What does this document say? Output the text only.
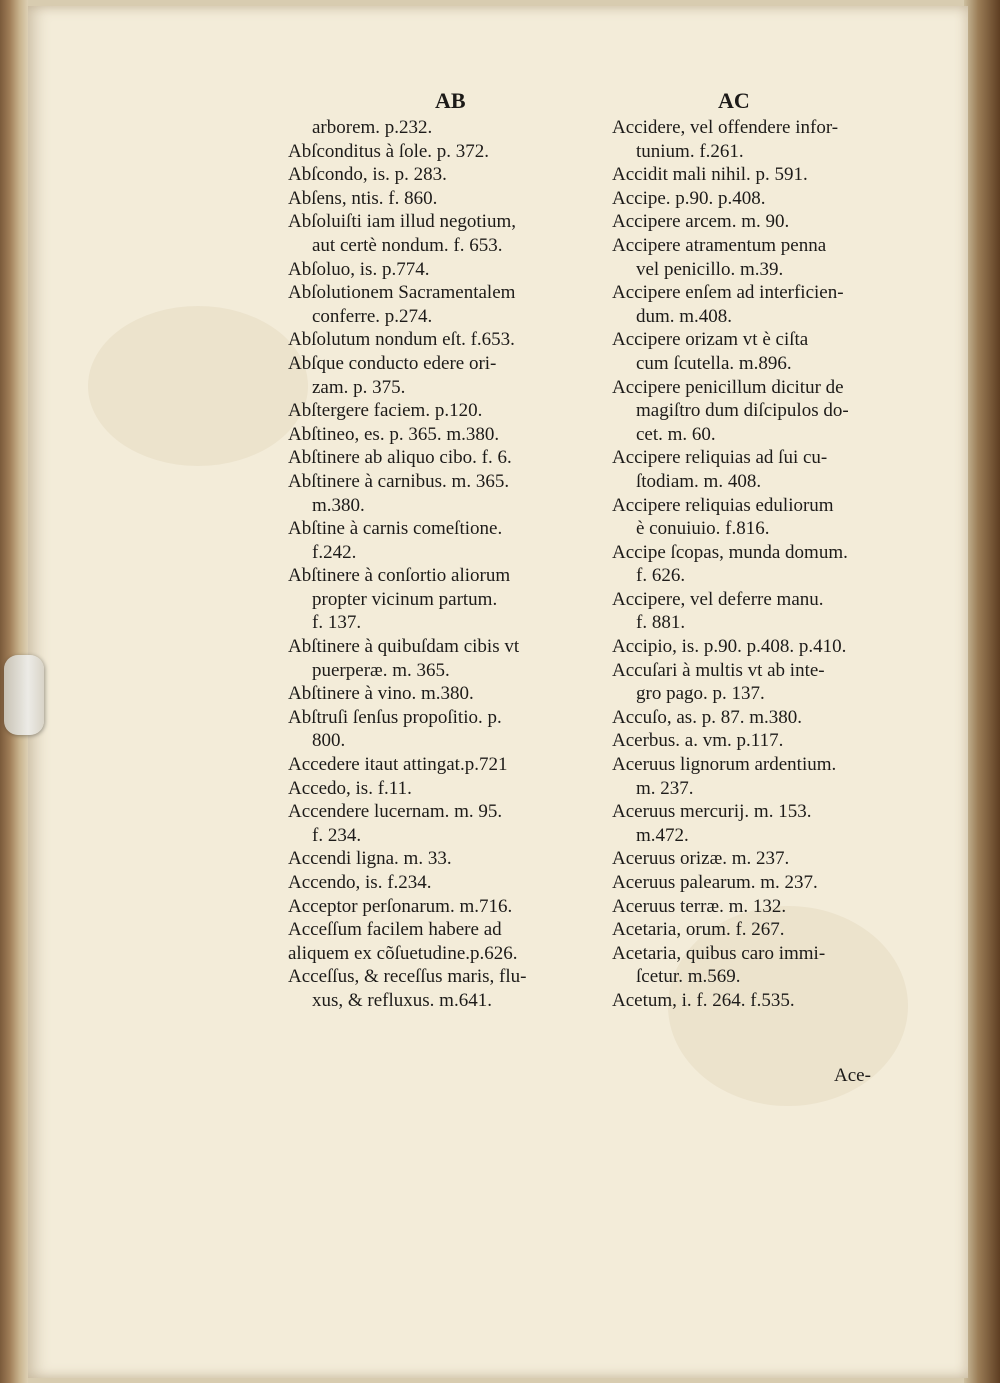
AB	AC
arborem. p.232.
Abſconditus à ſole. p. 372.
Abſcondo, is. p. 283.
Abſens, ntis. f. 860.
Abſoluiſti iam illud negotium,
aut certè nondum. f. 653.
Abſoluo, is. p.774.
Abſolutionem Sacramentalem
conferre. p.274.
Abſolutum nondum eſt. f.653.
Abſque conducto edere ori-
zam. p. 375.
Abſtergere faciem. p.120.
Abſtineo, es. p. 365. m.380.
Abſtinere ab aliquo cibo. f. 6.
Abſtinere à carnibus. m. 365.
m.380.
Abſtine à carnis comeſtione.
f.242.
Abſtinere à conſortio aliorum
propter vicinum partum.
f. 137.
Abſtinere à quibuſdam cibis vt
puerperæ. m. 365.
Abſtinere à vino. m.380.
Abſtruſi ſenſus propoſitio. p.
800.
Accedere itaut attingat.p.721
Accedo, is. f.11.
Accendere lucernam. m. 95.
f. 234.
Accendi ligna. m. 33.
Accendo, is. f.234.
Acceptor perſonarum. m.716.
Acceſſum facilem habere ad
aliquem ex cõſuetudine.p.626.
Acceſſus, & receſſus maris, flu-
xus, & refluxus. m.641.
Accidere, vel offendere infor-
tunium. f.261.
Accidit mali nihil. p. 591.
Accipe. p.90. p.408.
Accipere arcem. m. 90.
Accipere atramentum penna
vel penicillo. m.39.
Accipere enſem ad interficien-
dum. m.408.
Accipere orizam vt è ciſta
cum ſcutella. m.896.
Accipere penicillum dicitur de
magiſtro dum diſcipulos do-
cet. m. 60.
Accipere reliquias ad ſui cu-
ſtodiam. m. 408.
Accipere reliquias eduliorum
è conuiuio. f.816.
Accipe ſcopas, munda domum.
f. 626.
Accipere, vel deferre manu.
f. 881.
Accipio, is. p.90. p.408. p.410.
Accuſari à multis vt ab inte-
gro pago. p. 137.
Accuſo, as. p. 87. m.380.
Acerbus. a. vm. p.117.
Aceruus lignorum ardentium.
m. 237.
Aceruus mercurij. m. 153.
m.472.
Aceruus orizæ. m. 237.
Aceruus palearum. m. 237.
Aceruus terræ. m. 132.
Acetaria, orum. f. 267.
Acetaria, quibus caro immi-
ſcetur. m.569.
Acetum, i. f. 264. f.535.
Ace-
